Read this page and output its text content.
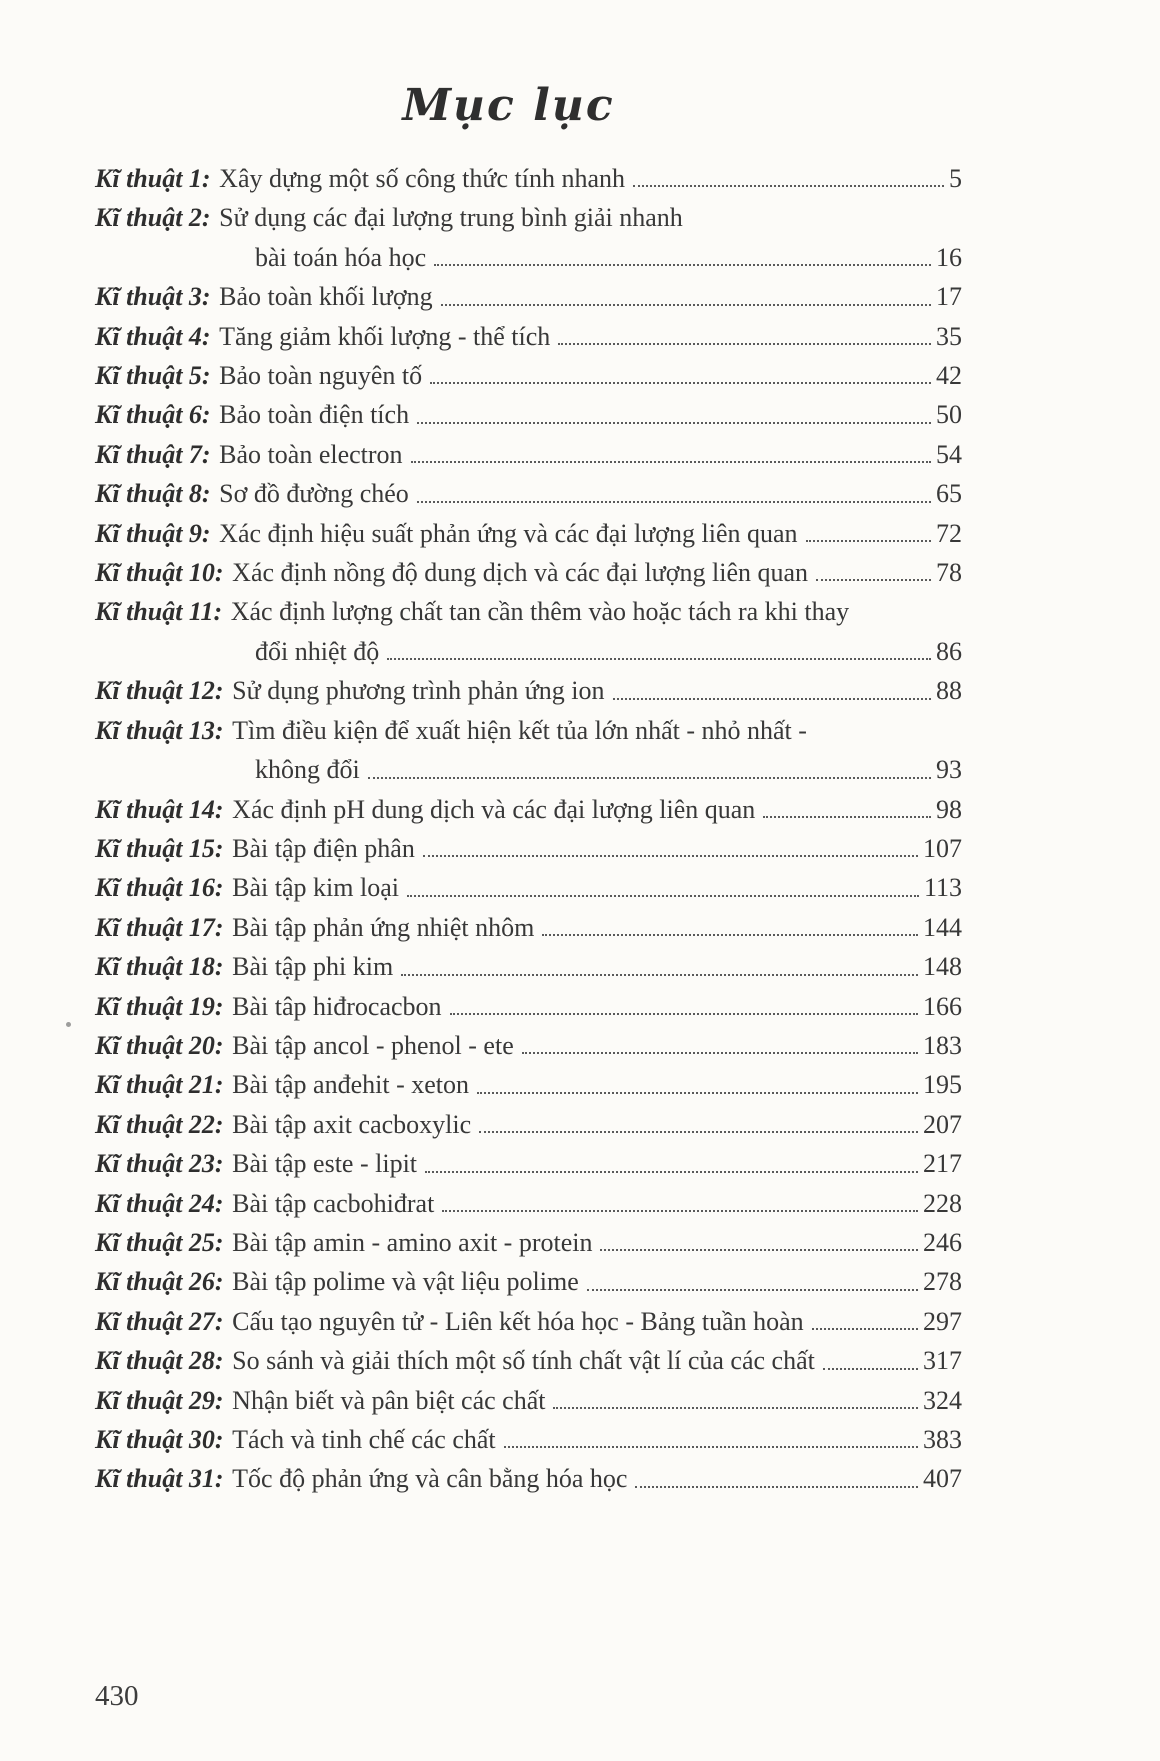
Mục lục
Kĩ thuật 1: Xây dựng một số công thức tính nhanh	5
Kĩ thuật 2: Sử dụng các đại lượng trung bình giải nhanh
bài toán hóa học	16
Kĩ thuật 3: Bảo toàn khối lượng	17
Kĩ thuật 4: Tăng giảm khối lượng - thể tích	35
Kĩ thuật 5: Bảo toàn nguyên tố	42
Kĩ thuật 6: Bảo toàn điện tích	50
Kĩ thuật 7: Bảo toàn electron	54
Kĩ thuật 8: Sơ đồ đường chéo	65
Kĩ thuật 9: Xác định hiệu suất phản ứng và các đại lượng liên quan	72
Kĩ thuật 10: Xác định nồng độ dung dịch và các đại lượng liên quan	78
Kĩ thuật 11: Xác định lượng chất tan cần thêm vào hoặc tách ra khi thay
đổi nhiệt độ	86
Kĩ thuật 12: Sử dụng phương trình phản ứng ion	88
Kĩ thuật 13: Tìm điều kiện để xuất hiện kết tủa lớn nhất - nhỏ nhất -
không đổi	93
Kĩ thuật 14: Xác định pH dung dịch và các đại lượng liên quan	98
Kĩ thuật 15: Bài tập điện phân	107
Kĩ thuật 16: Bài tập kim loại	113
Kĩ thuật 17: Bài tập phản ứng nhiệt nhôm	144
Kĩ thuật 18: Bài tập phi kim	148
Kĩ thuật 19: Bài tâp hiđrocacbon	166
Kĩ thuật 20: Bài tập ancol - phenol - ete	183
Kĩ thuật 21: Bài tập anđehit - xeton	195
Kĩ thuật 22: Bài tập axit cacboxylic	207
Kĩ thuật 23: Bài tập este - lipit	217
Kĩ thuật 24: Bài tập cacbohiđrat	228
Kĩ thuật 25: Bài tập amin - amino axit - protein	246
Kĩ thuật 26: Bài tập polime và vật liệu polime	278
Kĩ thuật 27: Cấu tạo nguyên tử - Liên kết hóa học - Bảng tuần hoàn	297
Kĩ thuật 28: So sánh và giải thích một số tính chất vật lí của các chất	317
Kĩ thuật 29: Nhận biết và pân biệt các chất	324
Kĩ thuật 30: Tách và tinh chế các chất	383
Kĩ thuật 31: Tốc độ phản ứng và cân bằng hóa học	407
430
